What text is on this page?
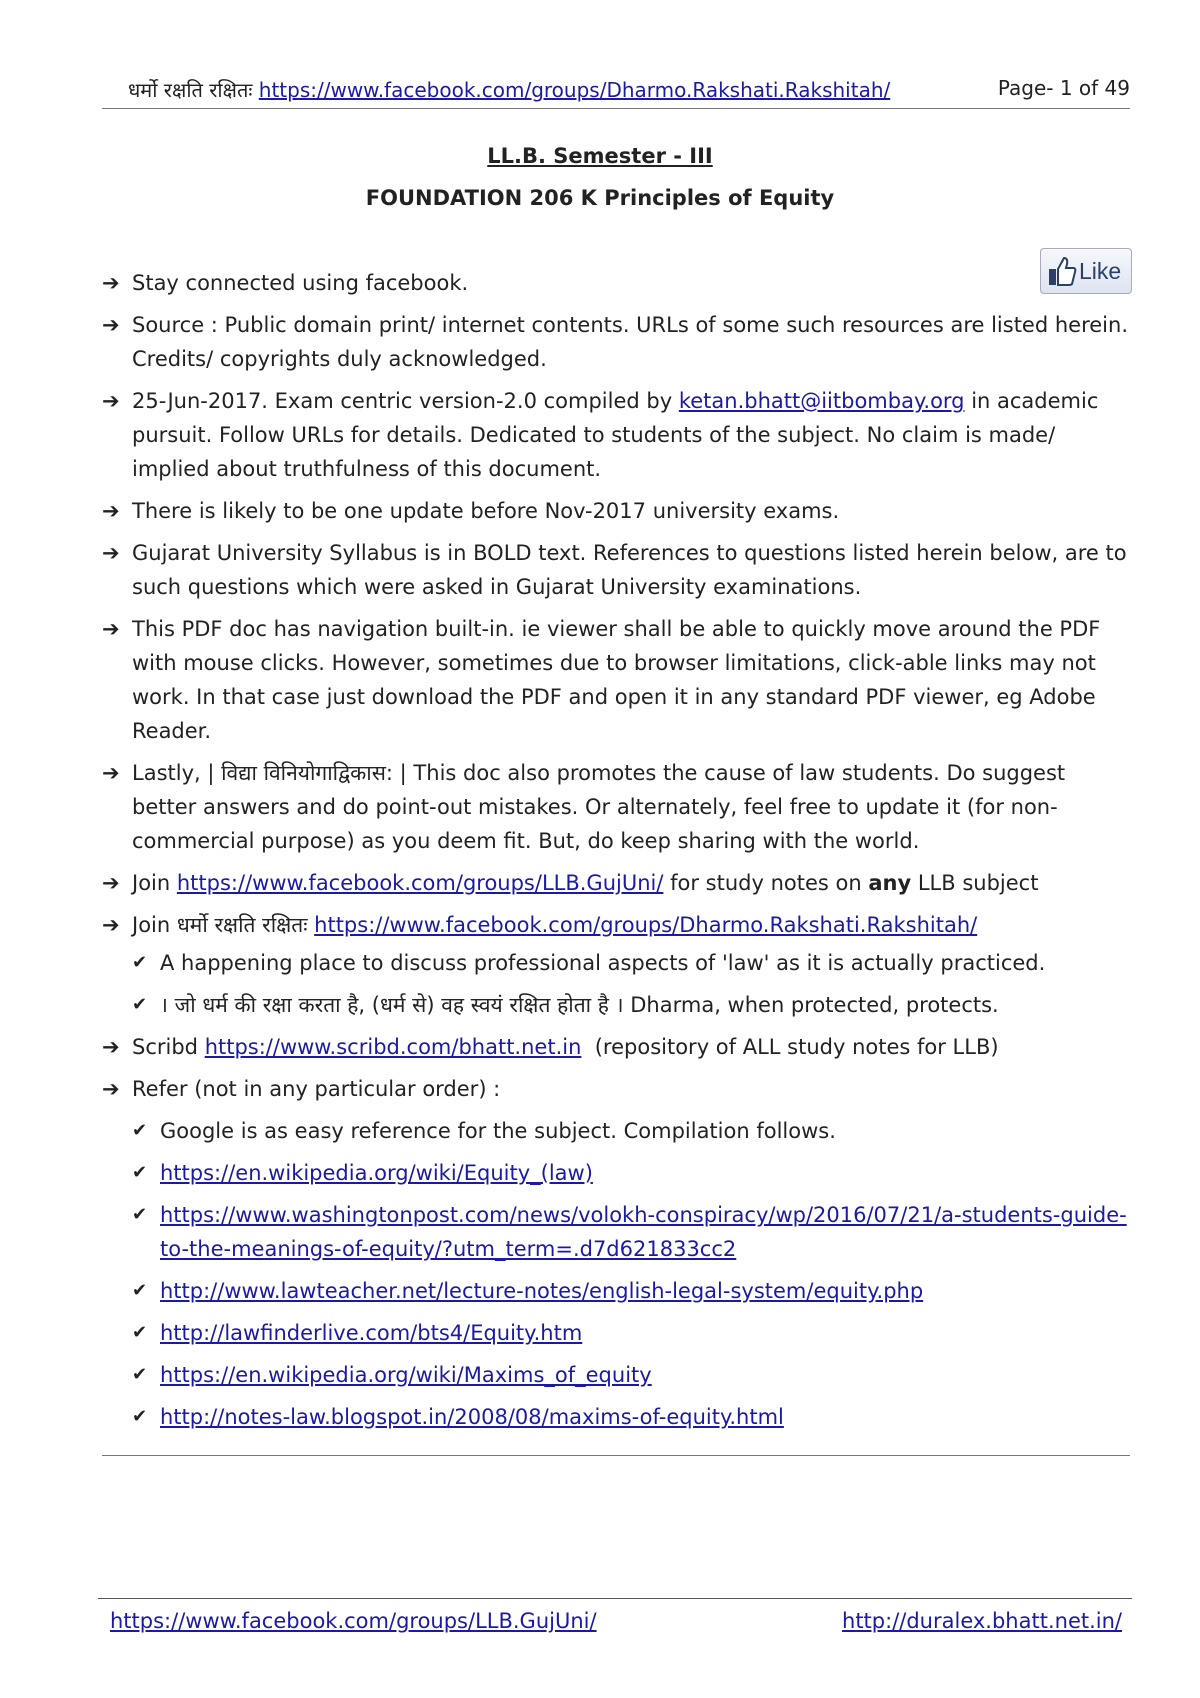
धर्मो रक्षति रक्षितः https://www.facebook.com/groups/Dharmo.Rakshati.Rakshitah/	Page- 1 of 49
LL.B. Semester - III
FOUNDATION 206 K Principles of Equity
➔ Stay connected using facebook.	Like
➔ Source : Public domain print/ internet contents. URLs of some such resources are listed herein. Credits/ copyrights duly acknowledged.
➔ 25-Jun-2017. Exam centric version-2.0 compiled by ketan.bhatt@iitbombay.org in academic pursuit. Follow URLs for details. Dedicated to students of the subject. No claim is made/ implied about truthfulness of this document.
➔ There is likely to be one update before Nov-2017 university exams.
➔ Gujarat University Syllabus is in BOLD text. References to questions listed herein below, are to such questions which were asked in Gujarat University examinations.
➔ This PDF doc has navigation built-in. ie viewer shall be able to quickly move around the PDF with mouse clicks. However, sometimes due to browser limitations, click-able links may not work. In that case just download the PDF and open it in any standard PDF viewer, eg Adobe Reader.
➔ Lastly, | विद्या विनियोगाद्विकास: | This doc also promotes the cause of law students. Do suggest better answers and do point-out mistakes. Or alternately, feel free to update it (for non-commercial purpose) as you deem fit. But, do keep sharing with the world.
➔ Join https://www.facebook.com/groups/LLB.GujUni/ for study notes on any LLB subject
➔ Join धर्मो रक्षति रक्षितः https://www.facebook.com/groups/Dharmo.Rakshati.Rakshitah/
✔ A happening place to discuss professional aspects of 'law' as it is actually practiced.
✔ । जो धर्म की रक्षा करता है, (धर्म से) वह स्वयं रक्षित होता है । Dharma, when protected, protects.
➔ Scribd https://www.scribd.com/bhatt.net.in  (repository of ALL study notes for LLB)
➔ Refer (not in any particular order) :
✔ Google is as easy reference for the subject. Compilation follows.
✔ https://en.wikipedia.org/wiki/Equity_(law)
✔ https://www.washingtonpost.com/news/volokh-conspiracy/wp/2016/07/21/a-students-guide-to-the-meanings-of-equity/?utm_term=.d7d621833cc2
✔ http://www.lawteacher.net/lecture-notes/english-legal-system/equity.php
✔ http://lawfinderlive.com/bts4/Equity.htm
✔ https://en.wikipedia.org/wiki/Maxims_of_equity
✔ http://notes-law.blogspot.in/2008/08/maxims-of-equity.html
https://www.facebook.com/groups/LLB.GujUni/	http://duralex.bhatt.net.in/
